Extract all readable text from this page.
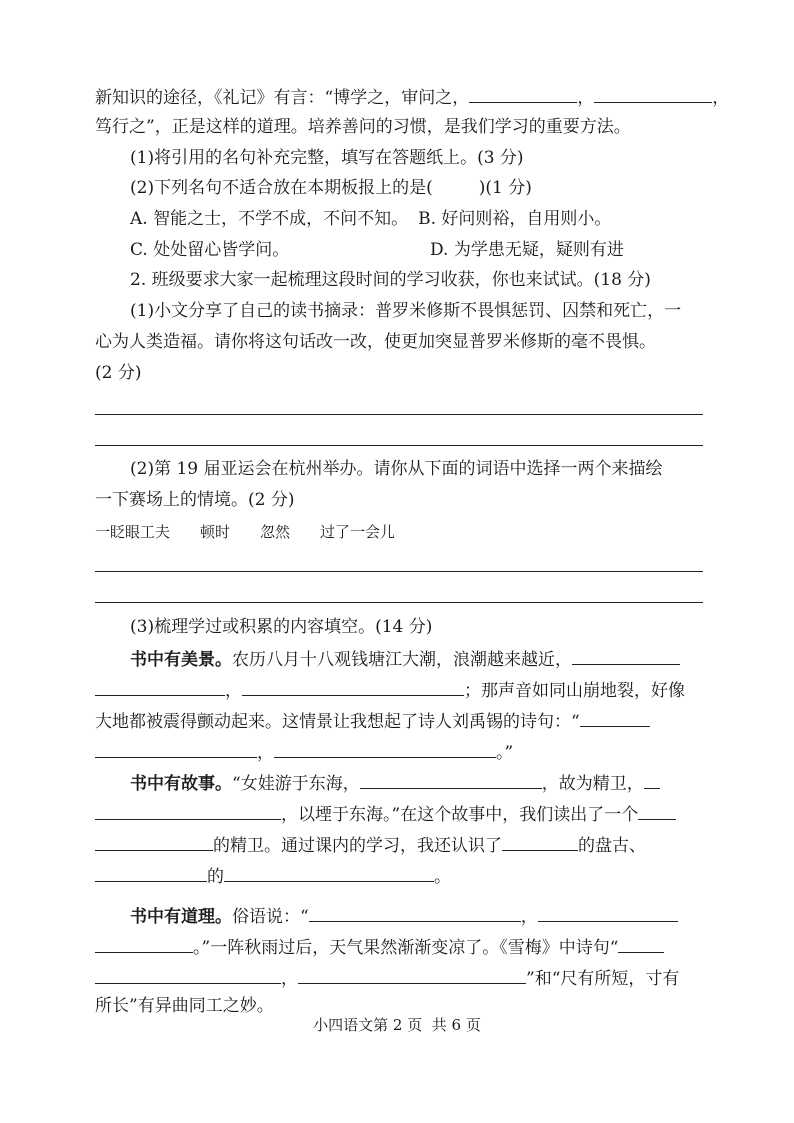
新知识的途径，《礼记》有言：“博学之，审问之，	，	，
笃行之”，正是这样的道理。培养善问的习惯，是我们学习的重要方法。
(1)将引用的名句补充完整，填写在答题纸上。(3 分)
(2)下列名句不适合放在本期板报上的是(	)(1 分)
A. 智能之士，不学不成，不问不知。 B. 好问则裕，自用则小。
C. 处处留心皆学问。	D. 为学患无疑，疑则有进
2. 班级要求大家一起梳理这段时间的学习收获，你也来试试。(18 分)
(1)小文分享了自己的读书摘录：普罗米修斯不畏惧惩罚、囚禁和死亡，一
心为人类造福。请你将这句话改一改，使更加突显普罗米修斯的毫不畏惧。
(2 分)
(2)第 19 届亚运会在杭州举办。请你从下面的词语中选择一两个来描绘
一下赛场上的情境。(2 分)
一眨眼工夫 顿时 忽然 过了一会儿
(3)梳理学过或积累的内容填空。(14 分)
书中有美景。农历八月十八观钱塘江大潮，浪潮越来越近，
，	；那声音如同山崩地裂，好像
大地都被震得颤动起来。这情景让我想起了诗人刘禹锡的诗句：“
，	。”
书中有故事。“女娃游于东海，	，故为精卫，
，以堙于东海。”在这个故事中，我们读出了一个
的精卫。通过课内的学习，我还认识了	的盘古、
的	。
书中有道理。俗语说：“	，
。”一阵秋雨过后，天气果然渐渐变凉了。《雪梅》中诗句“
，	”和“尺有所短，寸有
所长”有异曲同工之妙。
小四语文第 2 页 共 6 页
